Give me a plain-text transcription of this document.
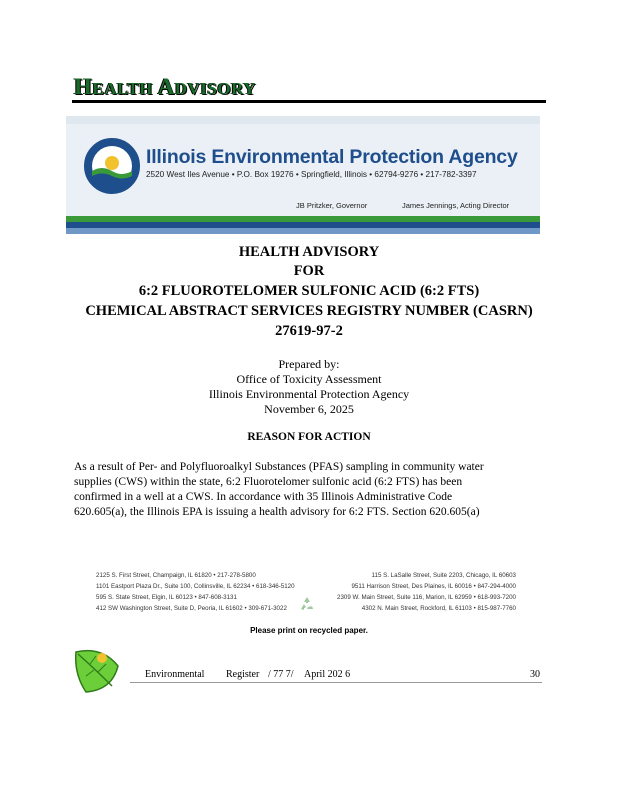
HEALTH ADVISORY
Illinois Environmental Protection Agency
2520 West Iles Avenue • P.O. Box 19276 • Springfield, Illinois • 62794-9276 • 217-782-3397
JB Pritzker, Governor	James Jennings, Acting Director
HEALTH ADVISORY
FOR
6:2 FLUOROTELOMER SULFONIC ACID (6:2 FTS)
CHEMICAL ABSTRACT SERVICES REGISTRY NUMBER (CASRN)
27619-97-2
Prepared by:
Office of Toxicity Assessment
Illinois Environmental Protection Agency
November 6, 2025
REASON FOR ACTION
As a result of Per- and Polyfluoroalkyl Substances (PFAS) sampling in community water
supplies (CWS) within the state, 6:2 Fluorotelomer sulfonic acid (6:2 FTS) has been
confirmed in a well at a CWS. In accordance with 35 Illinois Administrative Code
620.605(a), the Illinois EPA is issuing a health advisory for 6:2 FTS. Section 620.605(a)
2125 S. First Street, Champaign, IL 61820 • 217-278-5800
1101 Eastport Plaza Dr., Suite 100, Collinsville, IL 62234 • 618-346-5120
595 S. State Street, Elgin, IL 60123 • 847-608-3131
412 SW Washington Street, Suite D, Peoria, IL 61602 • 309-671-3022
115 S. LaSalle Street, Suite 2203, Chicago, IL 60603
9511 Harrison Street, Des Plaines, IL 60016 • 847-294-4000
2309 W. Main Street, Suite 116, Marion, IL 62959 • 618-993-7200
4302 N. Main Street, Rockford, IL 61103 • 815-987-7760
Please print on recycled paper.
Environmental Register / 77 7/ April 202 6	30
